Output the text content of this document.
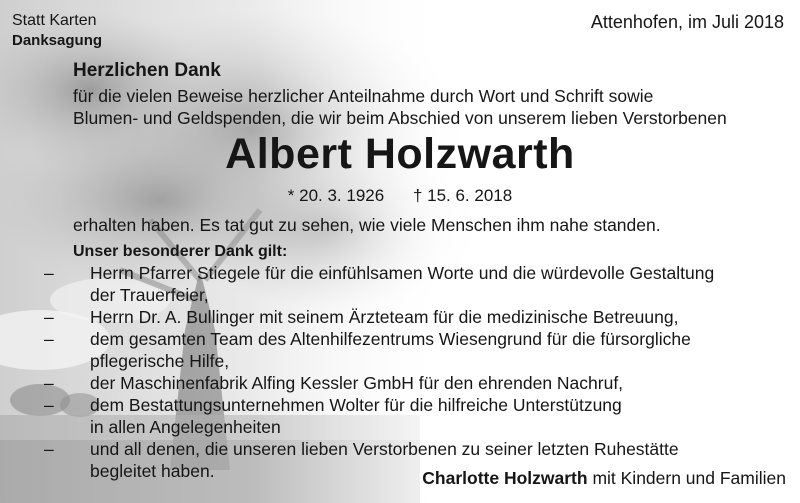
Statt Karten
Danksagung
Attenhofen, im Juli 2018
Herzlichen Dank
für die vielen Beweise herzlicher Anteilnahme durch Wort und Schrift sowie
Blumen- und Geldspenden, die wir beim Abschied von unserem lieben Verstorbenen
Albert Holzwarth
* 20. 3. 1926 † 15. 6. 2018
erhalten haben. Es tat gut zu sehen, wie viele Menschen ihm nahe standen.
Unser besonderer Dank gilt:
– Herrn Pfarrer Stiegele für die einfühlsamen Worte und die würdevolle Gestaltung
der Trauerfeier,
– Herrn Dr. A. Bullinger mit seinem Ärzteteam für die medizinische Betreuung,
– dem gesamten Team des Altenhilfezentrums Wiesengrund für die fürsorgliche
pflegerische Hilfe,
– der Maschinenfabrik Alfing Kessler GmbH für den ehrenden Nachruf,
– dem Bestattungsunternehmen Wolter für die hilfreiche Unterstützung
in allen Angelegenheiten
– und all denen, die unseren lieben Verstorbenen zu seiner letzten Ruhestätte
begleitet haben.	Charlotte Holzwarth mit Kindern und Familien
